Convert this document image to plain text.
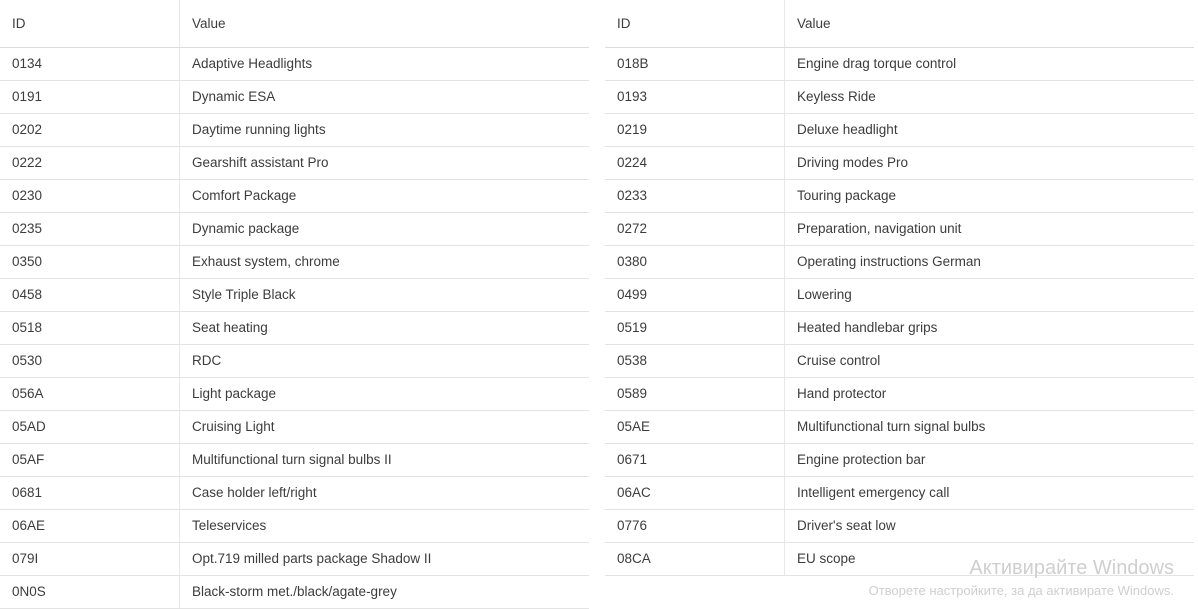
ID	Value
0134	Adaptive Headlights
0191	Dynamic ESA
0202	Daytime running lights
0222	Gearshift assistant Pro
0230	Comfort Package
0235	Dynamic package
0350	Exhaust system, chrome
0458	Style Triple Black
0518	Seat heating
0530	RDC
056A	Light package
05AD	Cruising Light
05AF	Multifunctional turn signal bulbs II
0681	Case holder left/right
06AE	Teleservices
079I	Opt.719 milled parts package Shadow II
0N0S	Black-storm met./black/agate-grey
ID	Value
018B	Engine drag torque control
0193	Keyless Ride
0219	Deluxe headlight
0224	Driving modes Pro
0233	Touring package
0272	Preparation, navigation unit
0380	Operating instructions German
0499	Lowering
0519	Heated handlebar grips
0538	Cruise control
0589	Hand protector
05AE	Multifunctional turn signal bulbs
0671	Engine protection bar
06AC	Intelligent emergency call
0776	Driver's seat low
08CA	EU scope	Активирайте Windows
Отворете настройките, за да активирате Windows.
